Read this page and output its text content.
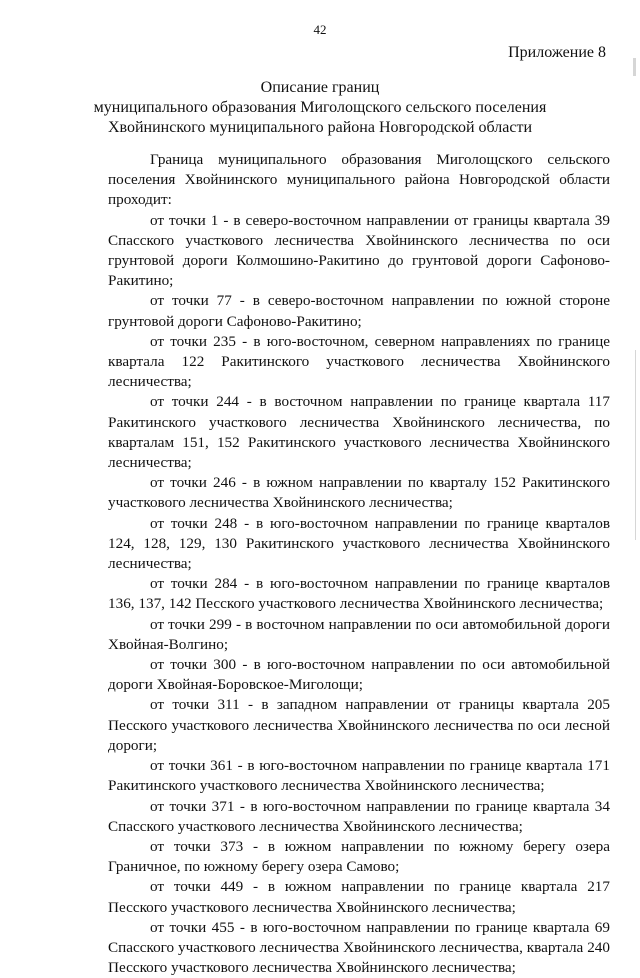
42
Приложение 8
Описание границ
муниципального образования Миголощского сельского поселения
Хвойнинского муниципального района Новгородской области

Граница муниципального образования Миголощского сельского поселения Хвойнинского муниципального района Новгородской области проходит:

от точки 1 - в северо-восточном направлении от границы квартала 39 Спасского участкового лесничества Хвойнинского лесничества по оси грунтовой дороги Колмошино-Ракитино до грунтовой дороги Сафоново-Ракитино;

от точки 77 - в северо-восточном направлении по южной стороне грунтовой дороги Сафоново-Ракитино;

от точки 235 - в юго-восточном, северном направлениях по границе квартала 122 Ракитинского участкового лесничества Хвойнинского лесничества;

от точки 244 - в восточном направлении по границе квартала 117 Ракитинского участкового лесничества Хвойнинского лесничества, по кварталам 151, 152 Ракитинского участкового лесничества Хвойнинского лесничества;

от точки 246 - в южном направлении по кварталу 152 Ракитинского участкового лесничества Хвойнинского лесничества;

от точки 248 - в юго-восточном направлении по границе кварталов 124, 128, 129, 130 Ракитинского участкового лесничества Хвойнинского лесничества;

от точки 284 - в юго-восточном направлении по границе кварталов 136, 137, 142 Песского участкового лесничества Хвойнинского лесничества;

от точки 299 - в восточном направлении по оси автомобильной дороги Хвойная-Волгино;

от точки 300 - в юго-восточном направлении по оси автомобильной дороги Хвойная-Боровское-Миголощи;

от точки 311 - в западном направлении от границы квартала 205 Песского участкового лесничества Хвойнинского лесничества по оси лесной дороги;

от точки 361 - в юго-восточном направлении по границе квартала 171 Ракитинского участкового лесничества Хвойнинского лесничества;

от точки 371 - в юго-восточном направлении по границе квартала 34 Спасского участкового лесничества Хвойнинского лесничества;

от точки 373 - в южном направлении по южному берегу озера Граничное, по южному берегу озера Самово;

от точки 449 - в южном направлении по границе квартала 217 Песского участкового лесничества Хвойнинского лесничества;

от точки 455 - в юго-восточном направлении по границе квартала 69 Спасского участкового лесничества Хвойнинского лесничества, квартала 240 Песского участкового лесничества Хвойнинского лесничества;
